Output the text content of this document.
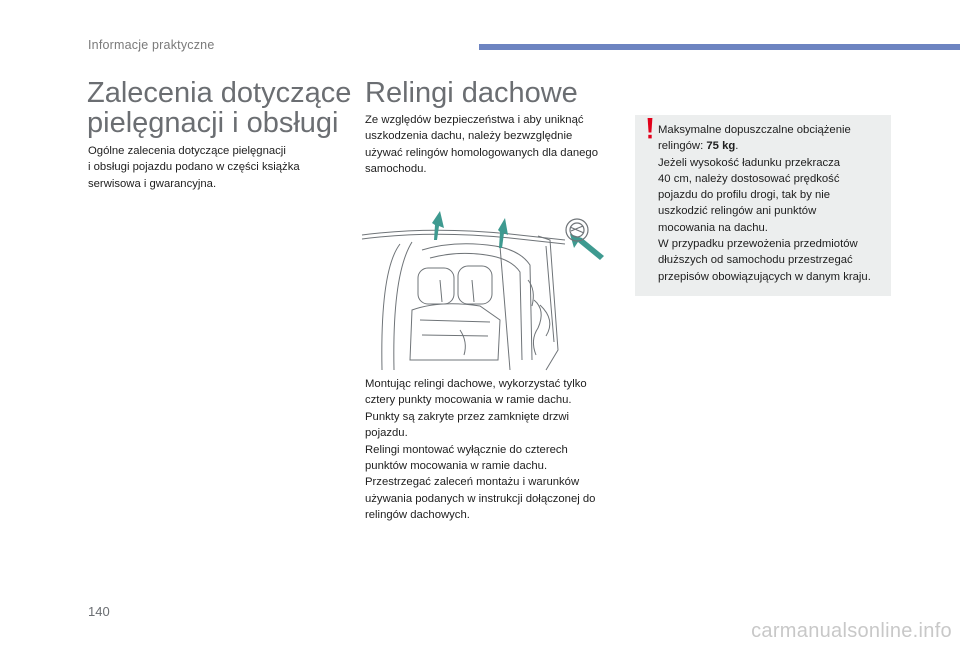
Informacje praktyczne
Zalecenia dotyczące
pielęgnacji i obsługi

Ogólne zalecenia dotyczące pielęgnacji

i obsługi pojazdu podano w części książka

serwisowa i gwarancyjna.

Relingi dachowe

Ze względów bezpieczeństwa i aby uniknąć

uszkodzenia dachu, należy bezwzględnie

używać relingów homologowanych dla danego

samochodu.

Montując relingi dachowe, wykorzystać tylko

cztery punkty mocowania w ramie dachu.

Punkty są zakryte przez zamknięte drzwi

pojazdu.

Relingi montować wyłącznie do czterech

punktów mocowania w ramie dachu.

Przestrzegać zaleceń montażu i warunków

używania podanych w instrukcji dołączonej do

relingów dachowych.

Maksymalne dopuszczalne obciążenie

relingów: 75 kg.

Jeżeli wysokość ładunku przekracza

40 cm, należy dostosować prędkość

pojazdu do profilu drogi, tak by nie

uszkodzić relingów ani punktów

mocowania na dachu.

W przypadku przewożenia przedmiotów

dłuższych od samochodu przestrzegać

przepisów obowiązujących w danym kraju.

140
carmanualsonline.info
